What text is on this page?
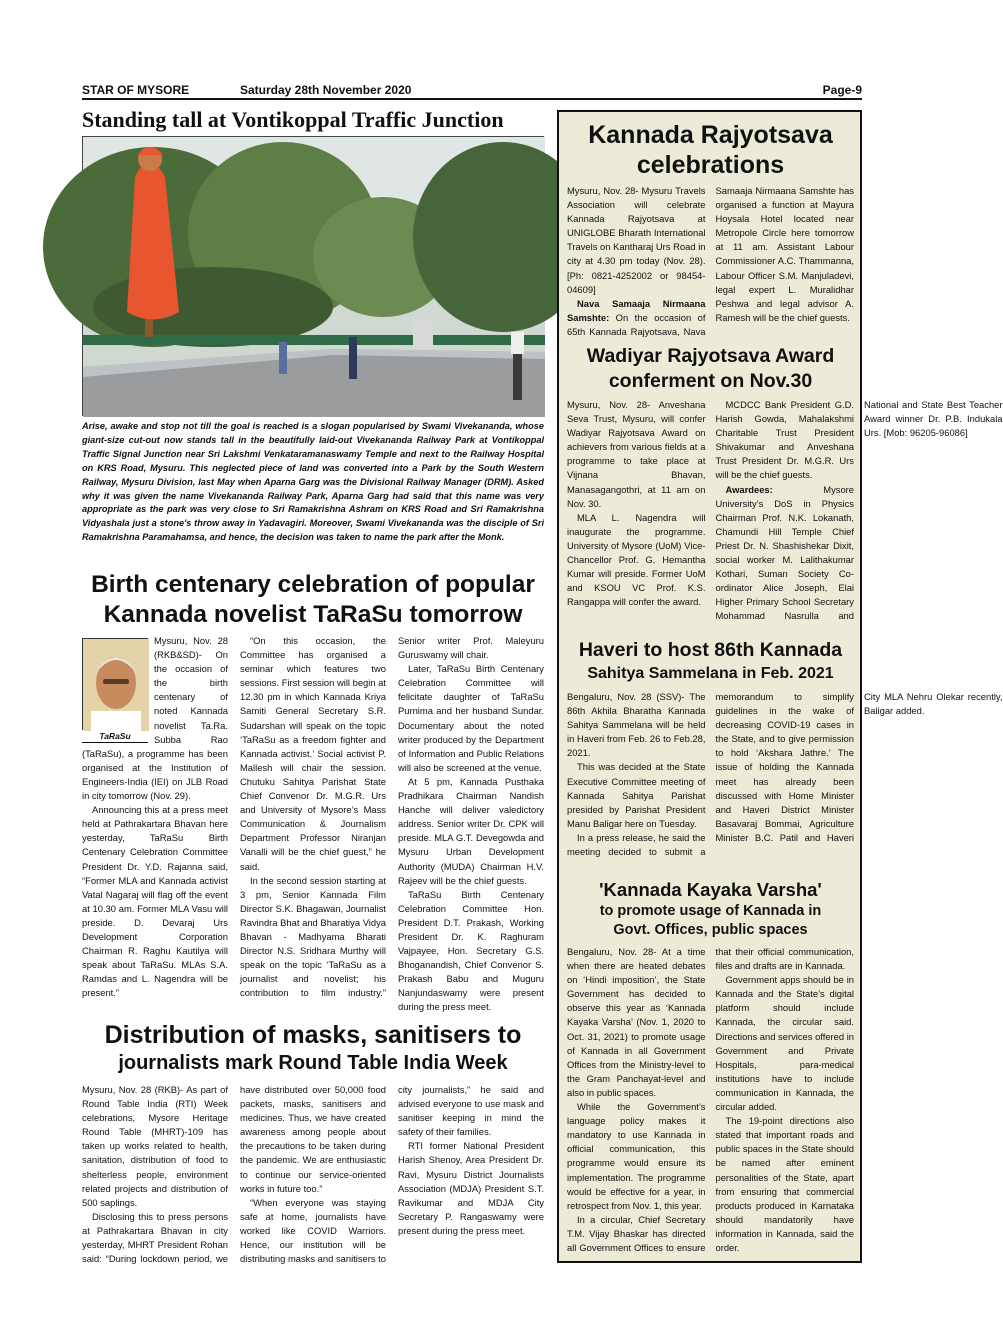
STAR OF MYSORE	Saturday 28th November 2020	Page-9
Standing tall at Vontikoppal Traffic Junction
Arise, awake and stop not till the goal is reached is a slogan popularised by Swami Vivekananda, whose giant-size cut-out now stands tall in the beautifully laid-out Vivekananda Railway Park at Vontikoppal Traffic Signal Junction near Sri Lakshmi Venkataramanaswamy Temple and next to the Railway Hospital on KRS Road, Mysuru. This neglected piece of land was converted into a Park by the South Western Railway, Mysuru Division, last May when Aparna Garg was the Divisional Railway Manager (DRM). Asked why it was given the name Vivekananda Railway Park, Aparna Garg had said that this name was very appropriate as the park was very close to Sri Ramakrishna Ashram on KRS Road and Sri Ramakrishna Vidyashala just a stone's throw away in Yadavagiri. Moreover, Swami Vivekananda was the disciple of Sri Ramakrishna Paramahamsa, and hence, the decision was taken to name the park after the Monk.
Birth centenary celebration of popular
Kannada novelist TaRaSu tomorrow
TaRaSu

Mysuru, Nov. 28 (RKB&SD)- On the occasion of the birth centenary of noted Kannada novelist Ta.Ra. Subba Rao (TaRaSu), a programme has been organised at the Institution of Engineers-India (IEI) on JLB Road in city tomorrow (Nov. 29).

Announcing this at a press meet held at Pathrakartara Bhavan here yesterday, TaRaSu Birth Centenary Celebration Committee President Dr. Y.D. Rajanna said, “Former MLA and Kannada activist Vatal Nagaraj will flag off the event at 10.30 am. Former MLA Vasu will preside. D. Devaraj Urs Development Corporation Chairman R. Raghu Kautilya will speak about TaRaSu. MLAs S.A. Ramdas and L. Nagendra will be present.”

“On this occasion, the Committee has organised a seminar which features two sessions. First session will begin at 12.30 pm in which Kannada Kriya Samiti General Secretary S.R. Sudarshan will speak on the topic ‘TaRaSu as a freedom fighter and Kannada activist.’ Social activist P. Mallesh will chair the session. Chutuku Sahitya Parishat State Chief Convenor Dr. M.G.R. Urs and University of Mysore’s Mass Communication & Journalism Department Professor Niranjan Vanalli will be the chief guest,” he said.

In the second session starting at 3 pm, Senior Kannada Film Director S.K. Bhagawan, Journalist Ravindra Bhat and Bharatiya Vidya Bhavan - Madhyama Bharati Director N.S. Sridhara Murthy will speak on the topic ‘TaRaSu as a journalist and novelist; his contribution to film industry.” Senior writer Prof. Maleyuru Guruswamy will chair.

Later, TaRaSu Birth Centenary Celebration Committee will felicitate daughter of TaRaSu Purnima and her husband Sundar. Documentary about the noted writer produced by the Department of Information and Public Relations will also be screened at the venue.

At 5 pm, Kannada Pusthaka Pradhikara Chairman Nandish Hanche will deliver valedictory address. Senior writer Dr. CPK will preside. MLA G.T. Devegowda and Mysuru Urban Development Authority (MUDA) Chairman H.V. Rajeev will be the chief guests.

TaRaSu Birth Centenary Celebration Committee Hon. President D.T. Prakash, Working President Dr. K. Raghuram Vajpayee, Hon. Secretary G.S. Bhoganandish, Chief Convenor S. Prakash Babu and Muguru Nanjundaswamy were present during the press meet.

Distribution of masks, sanitisers to
journalists mark Round Table India Week

Mysuru, Nov. 28 (RKB)- As part of Round Table India (RTI) Week celebrations, Mysore Heritage Round Table (MHRT)-109 has taken up works related to health, sanitation, distribution of food to shelterless people, environment related projects and distribution of 500 saplings.

Disclosing this to press persons at Pathrakartara Bhavan in city yesterday, MHRT President Rohan said: “During lockdown period, we have distributed over 50,000 food packets, masks, sanitisers and medicines. Thus, we have created awareness among people about the precautions to be taken during the pandemic. We are enthusiastic to continue our service-oriented works in future too.”

“When everyone was staying safe at home, journalists have worked like COVID Warriors. Hence, our institution will be distributing masks and sanitisers to city journalists,” he said and advised everyone to use mask and sanitiser keeping in mind the safety of their families.

RTI former National President Harish Shenoy, Area President Dr. Ravi, Mysuru District Journalists Association (MDJA) President S.T. Ravikumar and MDJA City Secretary P. Rangaswamy were present during the press meet.

Kannada Rajyotsava
celebrations

Mysuru, Nov. 28- Mysuru Travels Association will celebrate Kannada Rajyotsava at UNIGLOBE Bharath International Travels on Kantharaj Urs Road in city at 4.30 pm today (Nov. 28). [Ph: 0821-4252002 or 98454-04609]

Nava Samaaja Nirmaana Samshte: On the occasion of 65th Kannada Rajyotsava, Nava Samaaja Nirmaana Samshte has organised a function at Mayura Hoysala Hotel located near Metropole Circle here tomorrow at 11 am. Assistant Labour Commissioner A.C. Thammanna, Labour Officer S.M. Manjuladevi, legal expert L. Muralidhar Peshwa and legal advisor A. Ramesh will be the chief guests.

Wadiyar Rajyotsava Award
conferment on Nov.30

Mysuru, Nov. 28- Anveshana Seva Trust, Mysuru, will confer Wadiyar Rajyotsava Award on achievers from various fields at a programme to take place at Vijnana Bhavan, Manasagangothri, at 11 am on Nov. 30.

MLA L. Nagendra will inaugurate the programme. University of Mysore (UoM) Vice-Chancellor Prof. G. Hemantha Kumar will preside. Former UoM and KSOU VC Prof. K.S. Rangappa will confer the award.

MCDCC Bank President G.D. Harish Gowda, Mahalakshmi Charitable Trust President Shivakumar and Anveshana Trust President Dr. M.G.R. Urs will be the chief guests.

Awardees: Mysore University’s DoS in Physics Chairman Prof. N.K. Lokanath, Chamundi Hill Temple Chief Priest Dr. N. Shashishekar Dixit, social worker M. Lalithakumar Kothari, Suman Society Co-ordinator Alice Joseph, Elai Higher Primary School Secretary Mohammad Nasrulla and National and State Best Teacher Award winner Dr. P.B. Indukala Urs. [Mob: 96205-96086]

Haveri to host 86th Kannada
Sahitya Sammelana in Feb. 2021

Bengaluru, Nov. 28 (SSV)- The 86th Akhila Bharatha Kannada Sahitya Sammelana will be held in Haveri from Feb. 26 to Feb.28, 2021.

This was decided at the State Executive Committee meeting of Kannada Sahitya Parishat presided by Parishat President Manu Baligar here on Tuesday.

In a press release, he said the meeting decided to submit a memorandum to simplify guidelines in the wake of decreasing COVID-19 cases in the State, and to give permission to hold ‘Akshara Jathre.’ The issue of holding the Kannada meet has already been discussed with Home Minister and Haveri District Minister Basavaraj Bommai, Agriculture Minister B.C. Patil and Haveri City MLA Nehru Olekar recently, Baligar added.

'Kannada Kayaka Varsha'
to promote usage of Kannada in
Govt. Offices, public spaces

Bengaluru, Nov. 28- At a time when there are heated debates on ‘Hindi imposition’, the State Government has decided to observe this year as ‘Kannada Kayaka Varsha’ (Nov. 1, 2020 to Oct. 31, 2021) to promote usage of Kannada in all Government Offices from the Ministry-level to the Gram Panchayat-level and also in public spaces.

While the Government’s language policy makes it mandatory to use Kannada in official communication, this programme would ensure its implementation. The programme would be effective for a year, in retrospect from Nov. 1, this year.

In a circular, Chief Secretary T.M. Vijay Bhaskar has directed all Government Offices to ensure that their official communication, files and drafts are in Kannada.

Government apps should be in Kannada and the State’s digital platform should include Kannada, the circular said. Directions and services offered in Government and Private Hospitals, para-medical institutions have to include communication in Kannada, the circular added.

The 19-point directions also stated that important roads and public spaces in the State should be named after eminent personalities of the State, apart from ensuring that commercial products produced in Karnataka should mandatorily have information in Kannada, said the order.
